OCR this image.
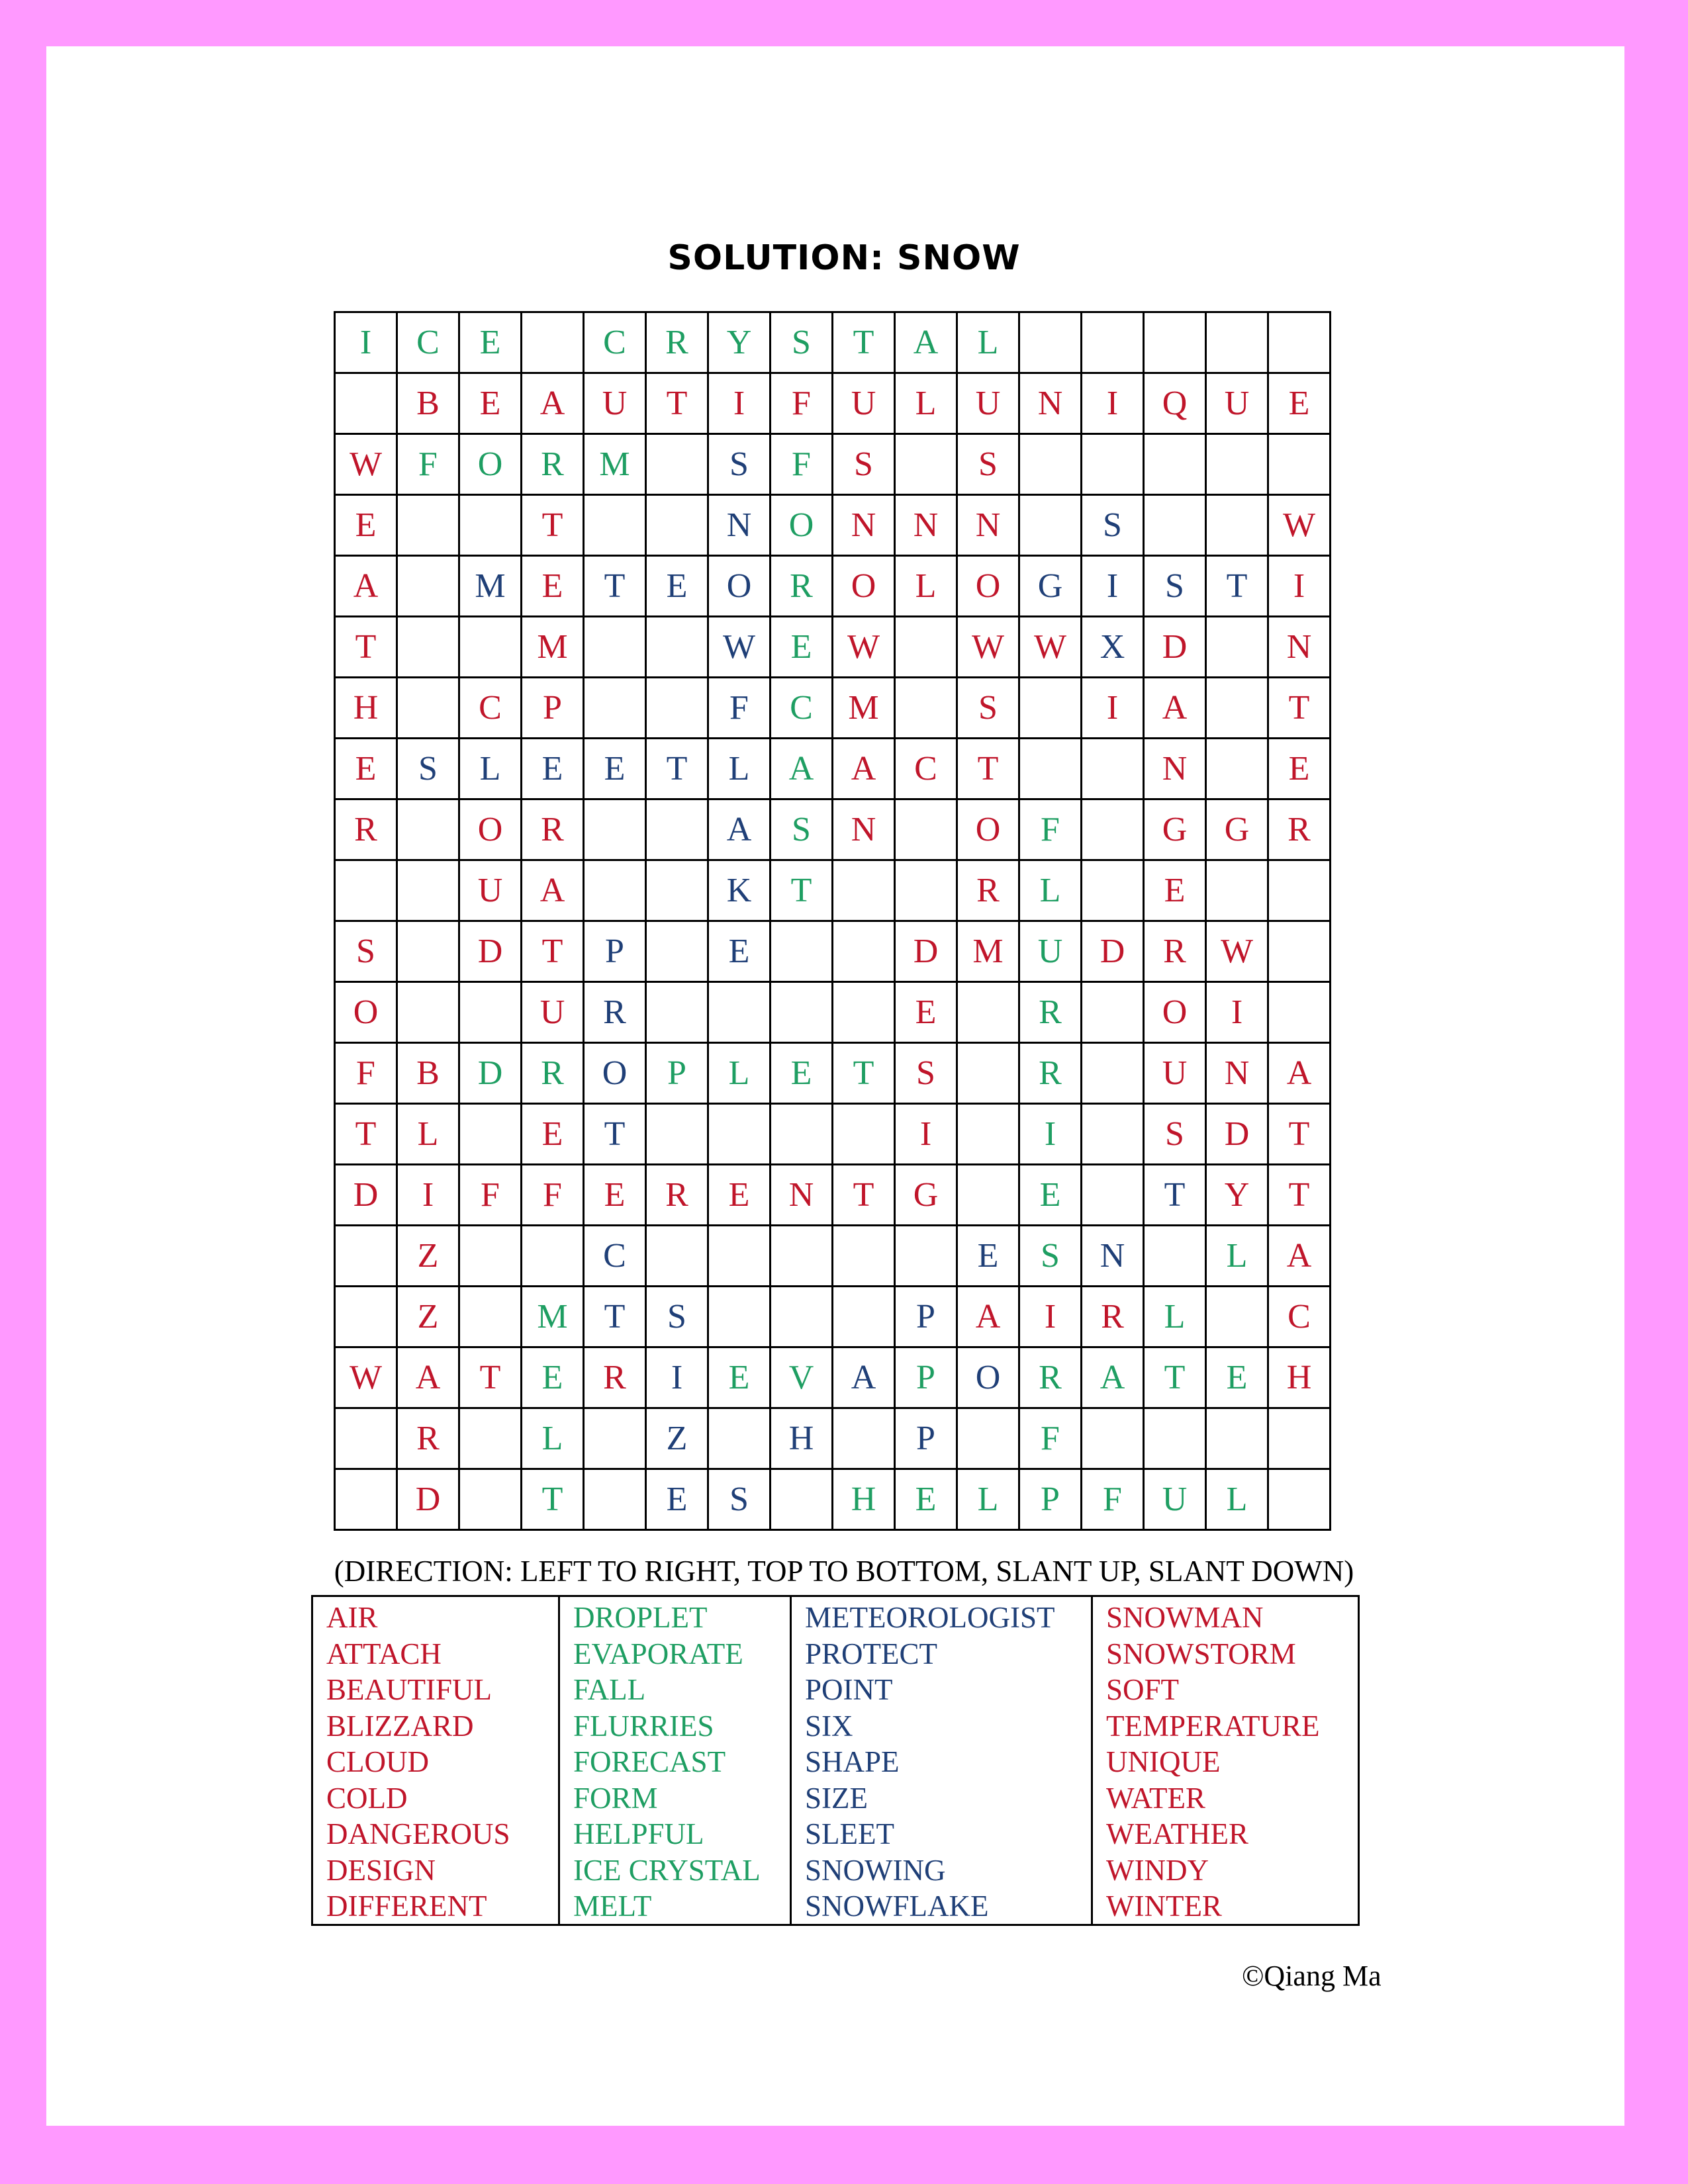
SOLUTION: SNOW
I	C	E		C	R	Y	S	T	A	L					
	B	E	A	U	T	I	F	U	L	U	N	I	Q	U	E
W	F	O	R	M		S	F	S		S					
E			T			N	O	N	N	N		S			W
A		M	E	T	E	O	R	O	L	O	G	I	S	T	I
T			M			W	E	W		W	W	X	D		N
H		C	P			F	C	M		S		I	A		T
E	S	L	E	E	T	L	A	A	C	T			N		E
R		O	R			A	S	N		O	F		G	G	R
		U	A			K	T			R	L		E		
S		D	T	P		E			D	M	U	D	R	W	
O			U	R					E		R		O	I	
F	B	D	R	O	P	L	E	T	S		R		U	N	A
T	L		E	T					I		I		S	D	T
D	I	F	F	E	R	E	N	T	G		E		T	Y	T
	Z			C						E	S	N		L	A
	Z		M	T	S				P	A	I	R	L		C
W	A	T	E	R	I	E	V	A	P	O	R	A	T	E	H
	R		L		Z		H		P		F				
	D		T		E	S		H	E	L	P	F	U	L	
(DIRECTION: LEFT TO RIGHT, TOP TO BOTTOM, SLANT UP, SLANT DOWN)
AIR
ATTACH
BEAUTIFUL
BLIZZARD
CLOUD
COLD
DANGEROUS
DESIGN
DIFFERENT
DROPLET
EVAPORATE
FALL
FLURRIES
FORECAST
FORM
HELPFUL
ICE CRYSTAL
MELT
METEOROLOGIST
PROTECT
POINT
SIX
SHAPE
SIZE
SLEET
SNOWING
SNOWFLAKE
SNOWMAN
SNOWSTORM
SOFT
TEMPERATURE
UNIQUE
WATER
WEATHER
WINDY
WINTER
©Qiang Ma
